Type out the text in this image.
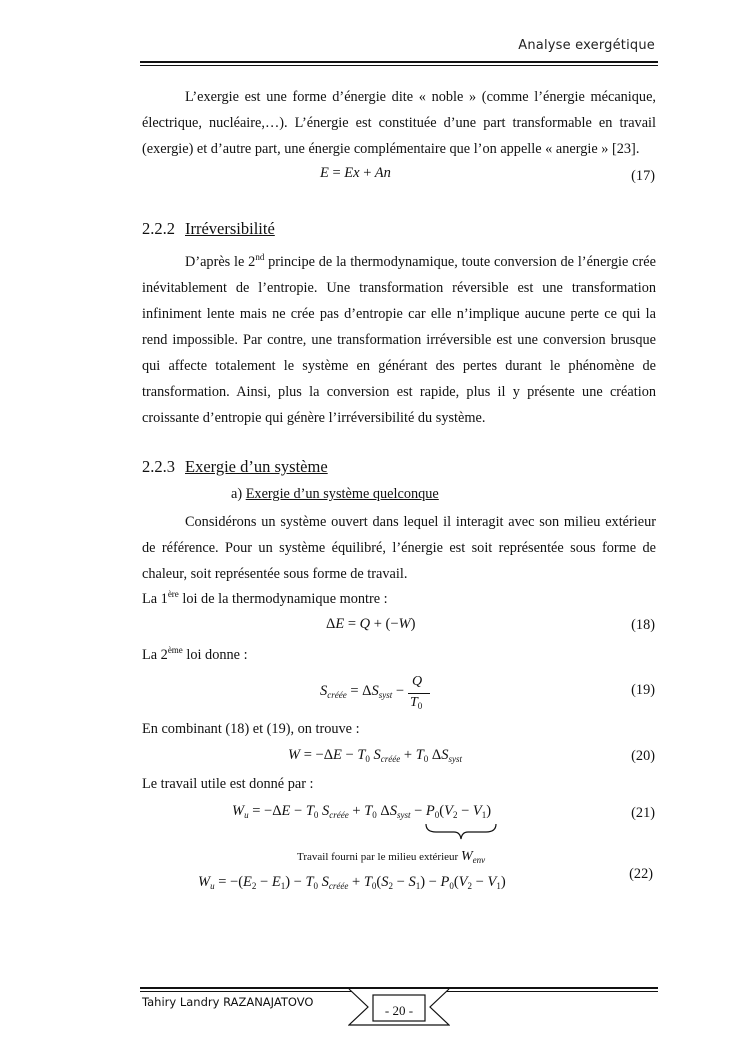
Analyse exergétique

L’exergie est une forme d’énergie dite « noble » (comme l’énergie mécanique, électrique, nucléaire,…). L’énergie est constituée d’une part transformable en travail (exergie) et d’autre part, une énergie complémentaire que l’on appelle « anergie » [23].

E = Ex + An	(17)
2.2.2 Irréversibilité

D’après le 2nd principe de la thermodynamique, toute conversion de l’énergie crée inévitablement de l’entropie. Une transformation réversible est une transformation infiniment lente mais ne crée pas d’entropie car elle n’implique aucune perte ce qui la rend impossible. Par contre, une transformation irréversible est une conversion brusque qui affecte totalement le système en générant des pertes durant le phénomène de transformation. Ainsi, plus la conversion est rapide, plus il y présente une création croissante d’entropie qui génère l’irréversibilité du système.

2.2.3 Exergie d’un système
a) Exergie d’un système quelconque

Considérons un système ouvert dans lequel il interagit avec son milieu extérieur de référence. Pour un système équilibré, l’énergie est soit représentée sous forme de chaleur, soit représentée sous forme de travail.

La 1ère loi de la thermodynamique montre :
ΔE = Q + (−W)	(18)
La 2ème loi donne :
$S_{créée} = \Delta S_{syst}$ −
Q
$T_0$
(19)
En combinant (18) et (19), on trouve :
$W = -\Delta E - T_0$ $S_{créée} + T_0$ $\Delta S_{syst}$	(20)
Le travail utile est donné par :
$W_u = -\Delta E - T_0$ $S_{créée} + T_0$ $\Delta S_{syst} - P_0(V_2 - V_1)$	(21)
Travail fourni par le milieu extérieur $W_{env}$
$W_u = -(E_2 - E_1) - T_0$ $S_{créée} + T_0(S_2 - S_1) - P_0(V_2 - V_1)$	(22)
Tahiry Landry RAZANAJATOVO
- 20 -
